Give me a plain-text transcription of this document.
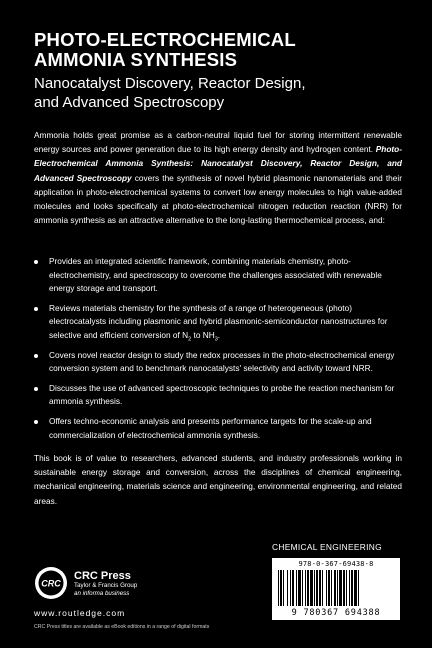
PHOTO-ELECTROCHEMICAL
AMMONIA SYNTHESIS
Nanocatalyst Discovery, Reactor Design,
and Advanced Spectroscopy

Ammonia holds great promise as a carbon-neutral liquid fuel for storing intermittent renewable energy sources and power generation due to its high energy density and hydrogen content. Photo-Electrochemical Ammonia Synthesis: Nanocatalyst Discovery, Reactor Design, and Advanced Spectroscopy covers the synthesis of novel hybrid plasmonic nanomaterials and their application in photo-electrochemical systems to convert low energy molecules to high value-added molecules and looks specifically at photo-electrochemical nitrogen reduction reaction (NRR) for ammonia synthesis as an attractive alternative to the long-lasting thermochemical process, and:

Provides an integrated scientific framework, combining materials chemistry, photo-electrochemistry, and spectroscopy to overcome the challenges associated with renewable energy storage and transport.
Reviews materials chemistry for the synthesis of a range of heterogeneous (photo) electrocatalysts including plasmonic and hybrid plasmonic-semiconductor nanostructures for selective and efficient conversion of $N_2$ to $NH_3$.
Covers novel reactor design to study the redox processes in the photo-electrochemical energy conversion system and to benchmark nanocatalysts' selectivity and activity toward NRR.
Discusses the use of advanced spectroscopic techniques to probe the reaction mechanism for ammonia synthesis.
Offers techno-economic analysis and presents performance targets for the scale-up and commercialization of electrochemical ammonia synthesis.

This book is of value to researchers, advanced students, and industry professionals working in sustainable energy storage and conversion, across the disciplines of chemical engineering, mechanical engineering, materials science and engineering, environmental engineering, and related areas.

CHEMICAL ENGINEERING
978-0-367-69438-8
9 780367 694388
CRC
CRC Press
Taylor & Francis Group
an informa business
www.routledge.com
CRC Press titles are available as eBook editions in a range of digital formats
